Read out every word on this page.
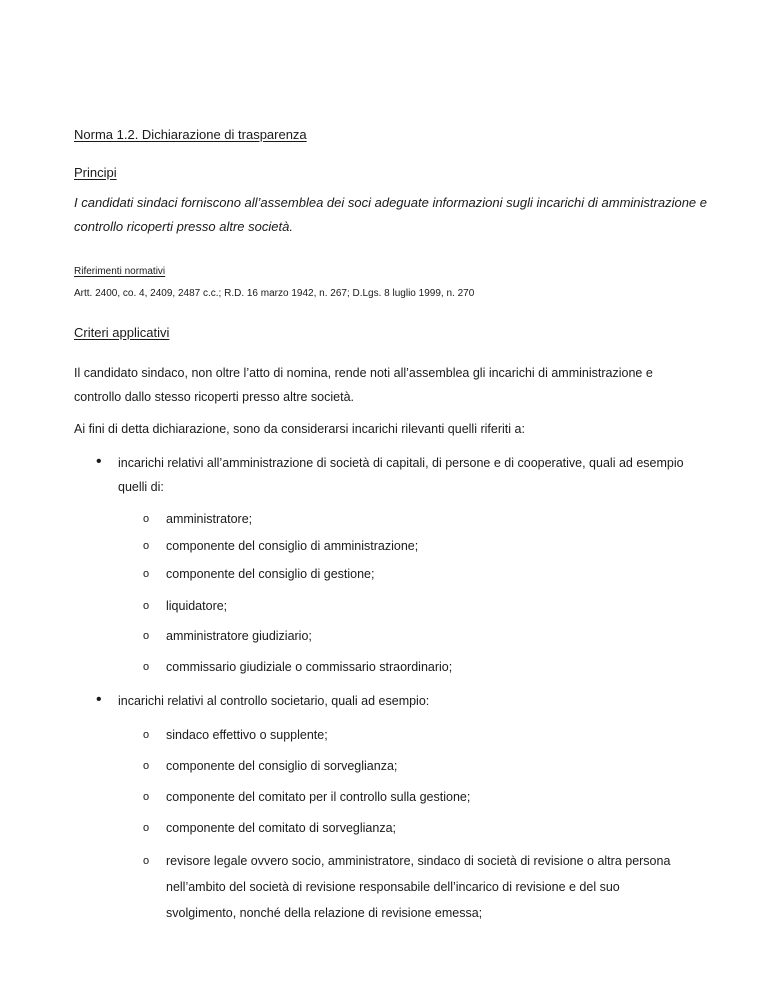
Norma 1.2. Dichiarazione di trasparenza
Principi
I candidati sindaci forniscono all’assemblea dei soci adeguate informazioni sugli incarichi di amministrazione e
controllo ricoperti presso altre società.
Riferimenti normativi
Artt. 2400, co. 4, 2409, 2487 c.c.; R.D. 16 marzo 1942, n. 267; D.Lgs. 8 luglio 1999, n. 270
Criteri applicativi
Il candidato sindaco, non oltre l’atto di nomina, rende noti all’assemblea gli incarichi di amministrazione e
controllo dallo stesso ricoperti presso altre società.
Ai fini di detta dichiarazione, sono da considerarsi incarichi rilevanti quelli riferiti a:
• incarichi relativi all’amministrazione di società di capitali, di persone e di cooperative, quali ad esempio
quelli di:
o amministratore;
o componente del consiglio di amministrazione;
o componente del consiglio di gestione;
o liquidatore;
o amministratore giudiziario;
o commissario giudiziale o commissario straordinario;
• incarichi relativi al controllo societario, quali ad esempio:
o sindaco effettivo o supplente;
o componente del consiglio di sorveglianza;
o componente del comitato per il controllo sulla gestione;
o componente del comitato di sorveglianza;
o revisore legale ovvero socio, amministratore, sindaco di società di revisione o altra persona
nell’ambito del società di revisione responsabile dell’incarico di revisione e del suo
svolgimento, nonché della relazione di revisione emessa;
